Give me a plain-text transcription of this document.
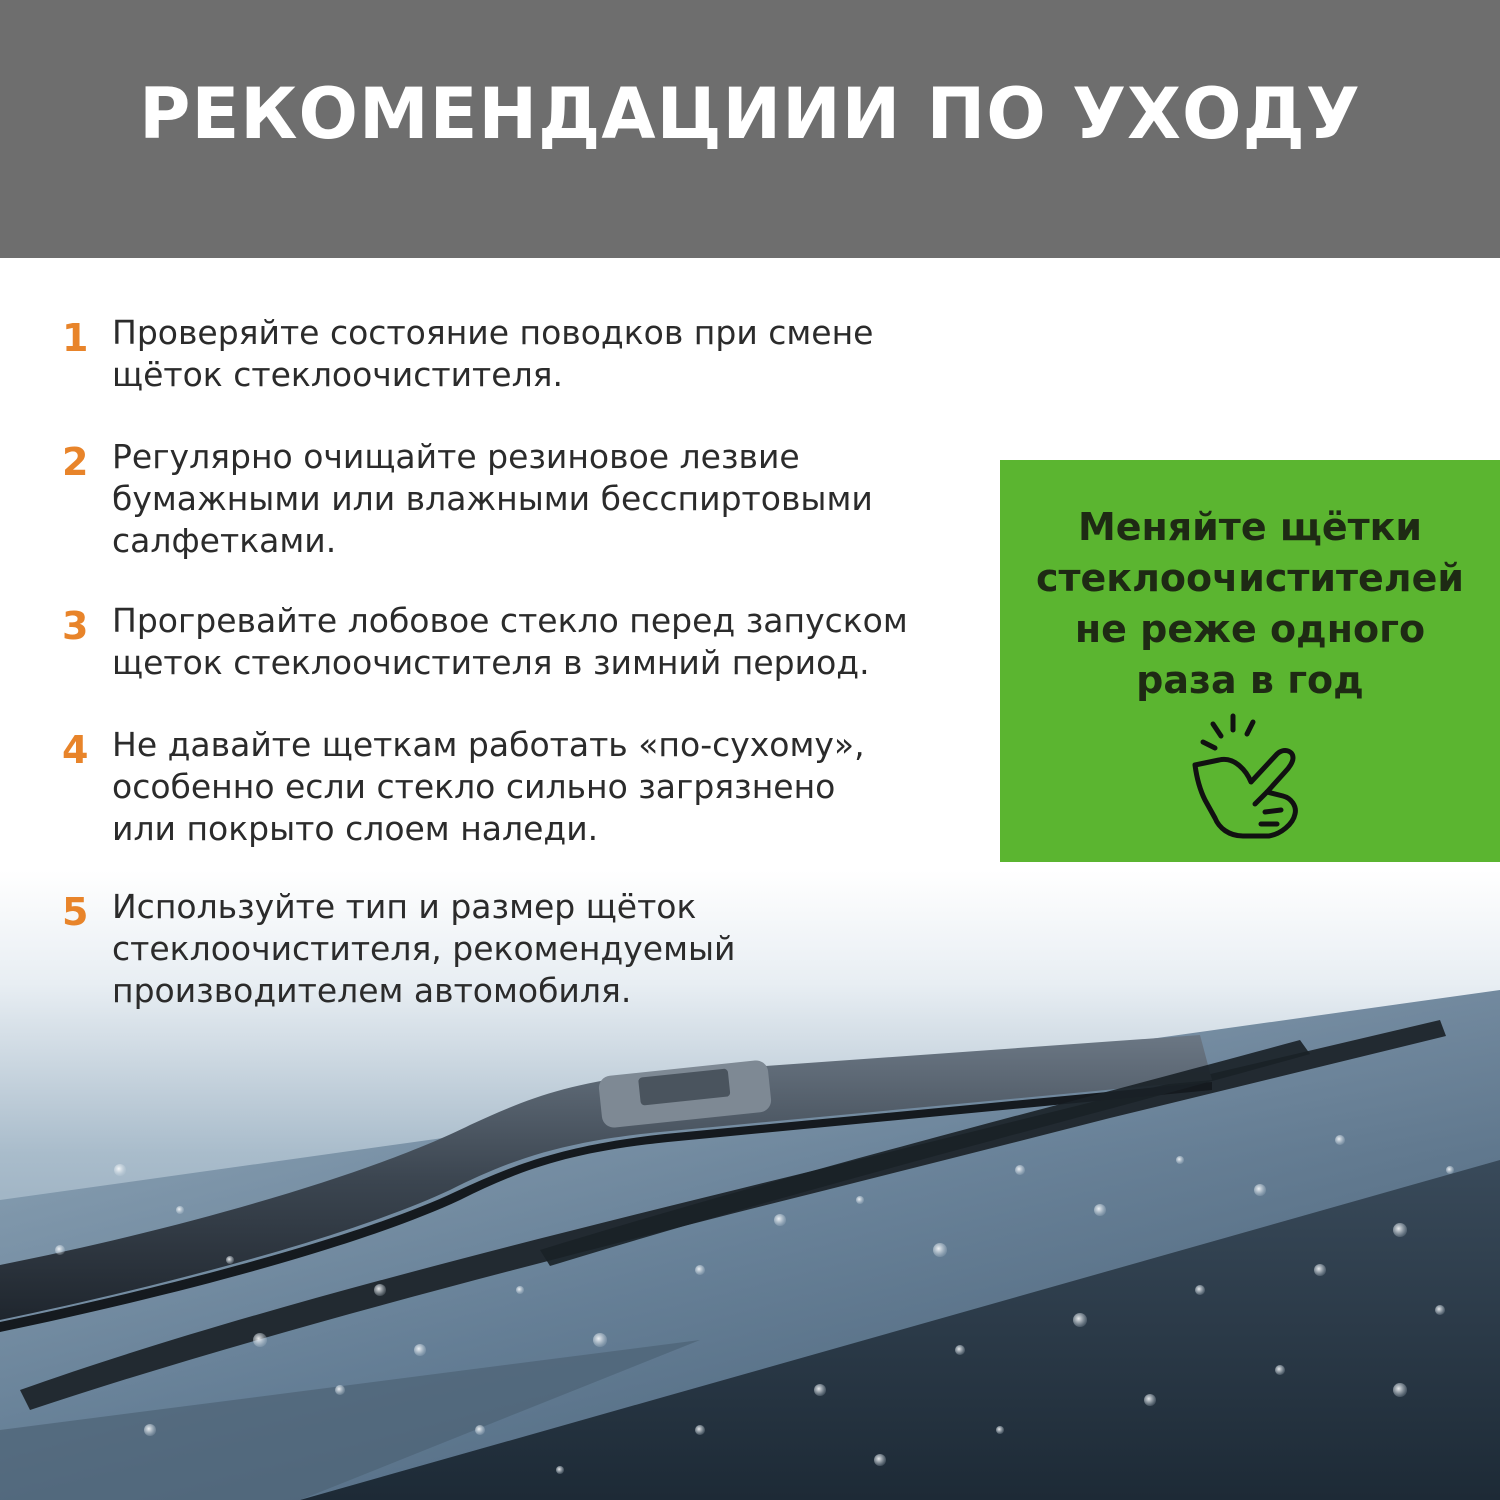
РЕКОМЕНДАЦИИИ ПО УХОДУ
1 Проверяйте состояние поводков при смене
щёток стеклоочистителя.
2 Регулярно очищайте резиновое лезвие
бумажными или влажными бесспиртовыми
салфетками.
3 Прогревайте лобовое стекло перед запуском
щеток стеклоочистителя в зимний период.
4 Не давайте щеткам работать «по-сухому»,
особенно если стекло сильно загрязнено
или покрыто слоем наледи.
5 Используйте тип и размер щёток
стеклоочистителя, рекомендуемый
производителем автомобиля.
Меняйте щётки
стеклоочистителей
не реже одного
раза в год
